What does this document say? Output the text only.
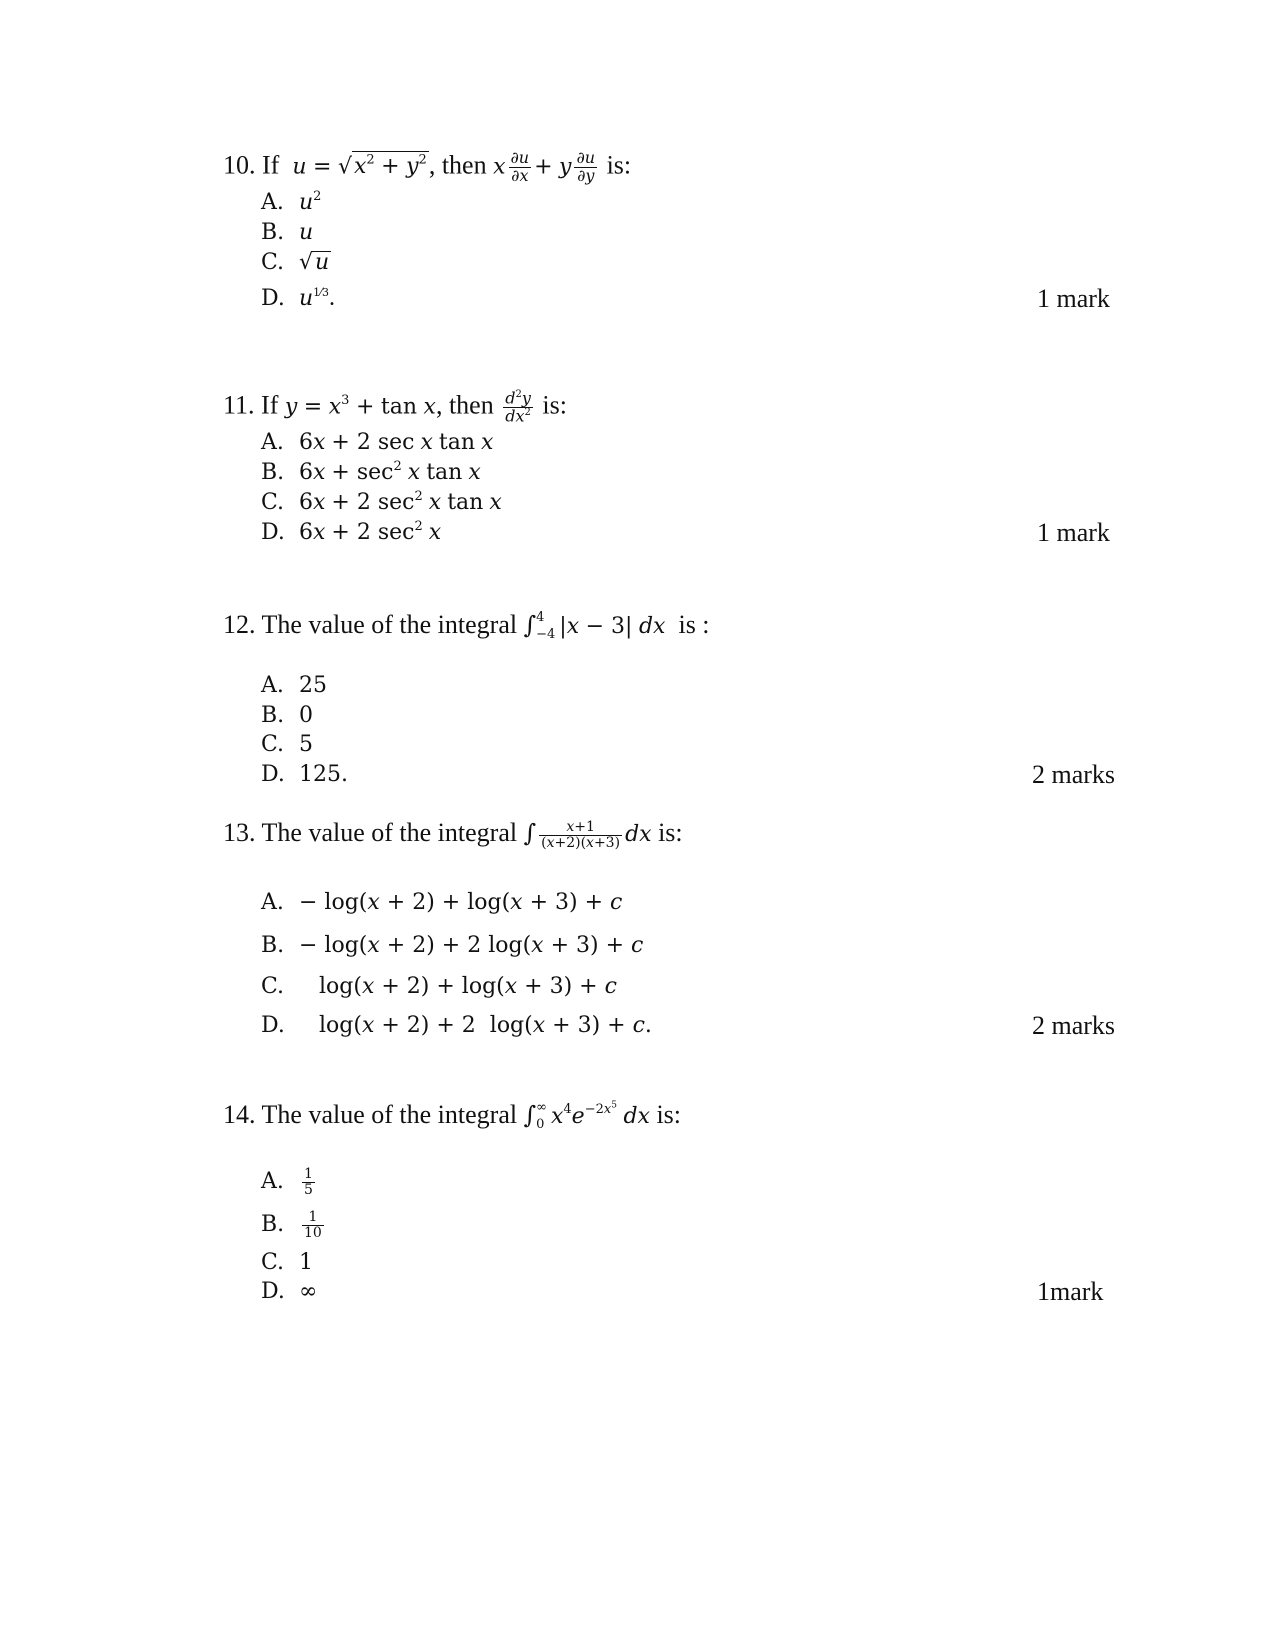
10. If  $u = √x^2 + y^2$, then x $\frac{\partial u}{\partial x} + y \frac{\partial u}{\partial y}$ is:
A. $u^2$
B. u
C. √u
D. $u^{1⁄3}$.	1 mark
11. If $y = x^3 + \tan x$, then $\frac{d^2y}{dx^2}$ is:
A. 6x + 2 sec x tan x
B. $6x + \sec^2 x$ tan x
C. 6x + 2 $\sec^2 x$ tan x
D. 6x + 2 $\sec^2 x$	1 mark
12. The value of the integral ∫ 4
−4 |x − 3| dx  is :
A. 25
B. 0
C. 5
D. 125.	2 marks
13. The value of the integral ∫ $\frac{x+1}{(x+2)(x+3)}$ dx is:
A. − log(x + 2) + log(x + 3) + c
B. − log(x + 2) + 2 log(x + 3) + c
C. log(x + 2) + log(x + 3) + c
D. log(x + 2) + 2  log(x + 3) + c.	2 marks
14. The value of the integral ∫ ∞
0 $x^4e^{-2x^5}$ dx is:
A. $\frac{1}{5}$
B. $\frac{1}{10}$
C. 1
D. ∞	1mark
